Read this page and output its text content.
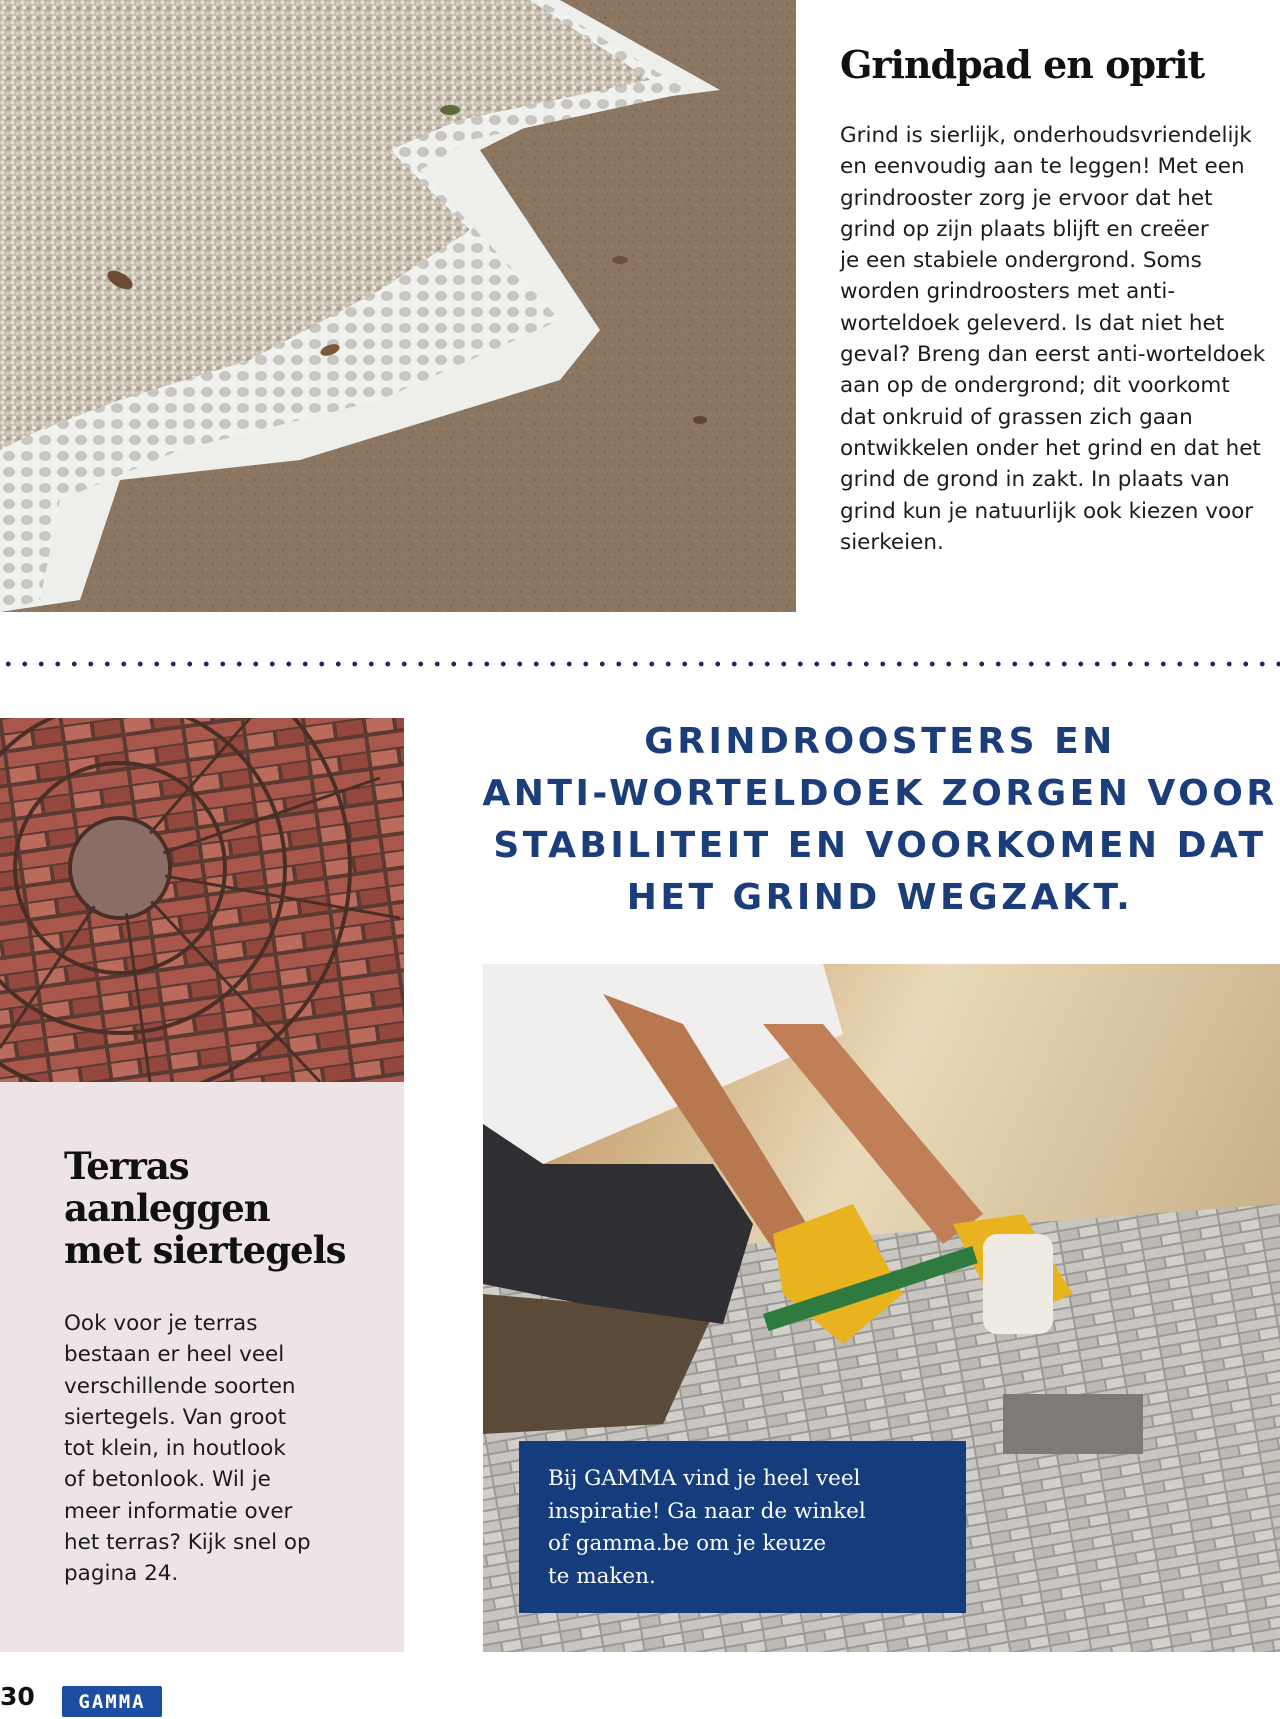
Grindpad en oprit
Grind is sierlijk, onderhoudsvriendelijk
en eenvoudig aan te leggen! Met een
grindrooster zorg je ervoor dat het
grind op zijn plaats blijft en creëer
je een stabiele ondergrond. Soms
worden grindroosters met anti-
worteldoek geleverd. Is dat niet het
geval? Breng dan eerst anti-worteldoek
aan op de ondergrond; dit voorkomt
dat onkruid of grassen zich gaan
ontwikkelen onder het grind en dat het
grind de grond in zakt. In plaats van
grind kun je natuurlijk ook kiezen voor
sierkeien.
Terras
aanleggen
met siertegels
Ook voor je terras
bestaan er heel veel
verschillende soorten
siertegels. Van groot
tot klein, in houtlook
of betonlook. Wil je
meer informatie over
het terras? Kijk snel op
pagina 24.
GRINDROOSTERS EN
ANTI-WORTELDOEK ZORGEN VOOR
STABILITEIT EN VOORKOMEN DAT
HET GRIND WEGZAKT.
Bij GAMMA vind je heel veel
inspiratie! Ga naar de winkel
of gamma.be om je keuze
te maken.
30 GAMMA
